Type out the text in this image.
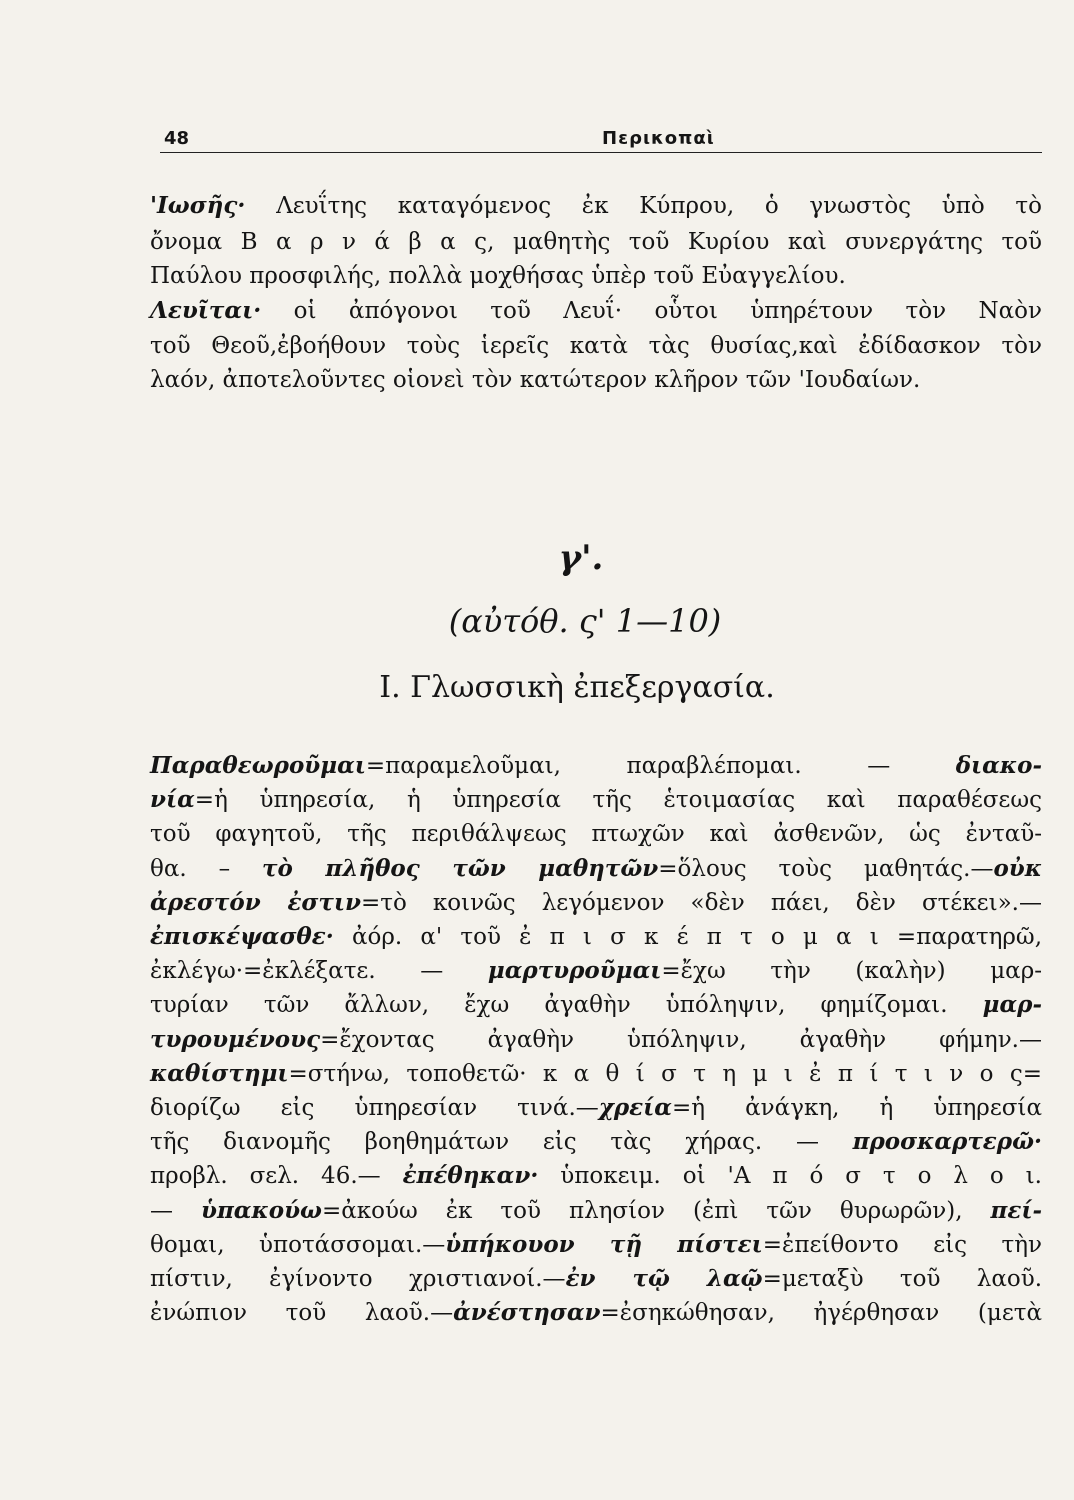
48	Περικοπαὶ
'Ιωσῆς· Λευΐτης καταγόμενος ἐκ Κύπρου, ὁ γνωστὸς ὑπὸ τὸ
ὄνομα Β α ρ ν ά β α ς, μαθητὴς τοῦ Κυρίου καὶ συνεργάτης τοῦ
Παύλου προσφιλής, πολλὰ μοχθήσας ὑπὲρ τοῦ Εὐαγγελίου.
Λευῖται· οἱ ἀπόγονοι τοῦ Λευΐ· οὗτοι ὑπηρέτουν τὸν Ναὸν
τοῦ Θεοῦ,ἐβοήθουν τοὺς ἱερεῖς κατὰ τὰς θυσίας,καὶ ἐδίδασκον τὸν
λαόν, ἀποτελοῦντες οἱονεὶ τὸν κατώτερον κλῆρον τῶν 'Ιουδαίων.
γ'.
(αὐτόθ. ς' 1—10)
Ι. Γλωσσικὴ ἐπεξεργασία.
Παραθεωροῦμαι=παραμελοῦμαι, παραβλέπομαι. — διακο-
νία=ἡ ὑπηρεσία, ἡ ὑπηρεσία τῆς ἑτοιμασίας καὶ παραθέσεως
τοῦ φαγητοῦ, τῆς περιθάλψεως πτωχῶν καὶ ἀσθενῶν, ὡς ἐνταῦ-
θα. – τὸ πλῆθος τῶν μαθητῶν=ὅλους τοὺς μαθητάς.—οὐκ
ἀρεστόν ἐστιν=τὸ κοινῶς λεγόμενον «δὲν πάει, δὲν στέκει».—
ἐπισκέψασθε· ἀόρ. α' τοῦ ἐ π ι σ κ έ π τ ο μ α ι =παρατηρῶ,
ἐκλέγω·=ἐκλέξατε. — μαρτυροῦμαι=ἔχω τὴν (καλὴν) μαρ-
τυρίαν τῶν ἄλλων, ἔχω ἀγαθὴν ὑπόληψιν, φημίζομαι. μαρ-
τυρουμένους=ἔχοντας ἀγαθὴν ὑπόληψιν, ἀγαθὴν φήμην.—
καθίστημι=στήνω, τοποθετῶ· κ α θ ί σ τ η μ ι ἐ π ί τ ι ν ο ς=
διορίζω εἰς ὑπηρεσίαν τινά.—χρεία=ἡ ἀνάγκη, ἡ ὑπηρεσία
τῆς διανομῆς βοηθημάτων εἰς τὰς χήρας. — προσκαρτερῶ·
προβλ. σελ. 46.— ἐπέθηκαν· ὑποκειμ. οἱ 'Α π ό σ τ ο λ ο ι.
— ὑπακούω=ἀκούω ἐκ τοῦ πλησίον (ἐπὶ τῶν θυρωρῶν), πεί-
θομαι, ὑποτάσσομαι.—ὑπήκουον τῇ πίστει=ἐπείθοντο εἰς τὴν
πίστιν, ἐγίνοντο χριστιανοί.—ἐν τῷ λαῷ=μεταξὺ τοῦ λαοῦ.
ἐνώπιον τοῦ λαοῦ.—ἀνέστησαν=ἐσηκώθησαν, ἠγέρθησαν (μετὰ
